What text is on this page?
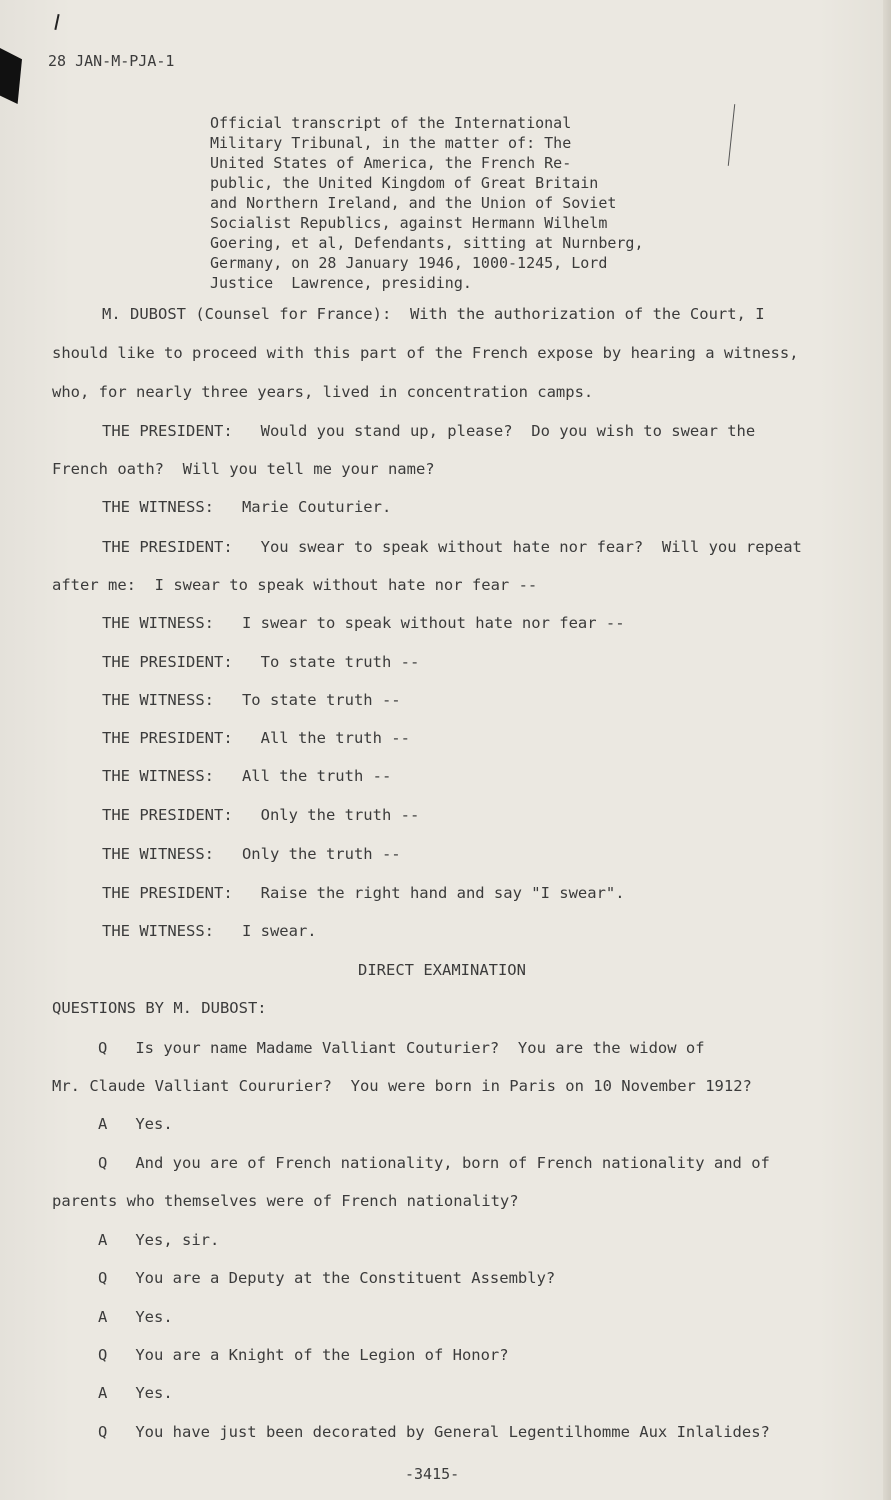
28 JAN-M-PJA-1
Official transcript of the International
Military Tribunal, in the matter of: The
United States of America, the French Re-
public, the United Kingdom of Great Britain
and Northern Ireland, and the Union of Soviet
Socialist Republics, against Hermann Wilhelm
Goering, et al, Defendants, sitting at Nurnberg,
Germany, on 28 January 1946, 1000-1245, Lord
Justice  Lawrence, presiding.
M. DUBOST (Counsel for France):  With the authorization of the Court, I
should like to proceed with this part of the French expose by hearing a witness,
who, for nearly three years, lived in concentration camps.
THE PRESIDENT:   Would you stand up, please?  Do you wish to swear the
French oath?  Will you tell me your name?
THE WITNESS:   Marie Couturier.
THE PRESIDENT:   You swear to speak without hate nor fear?  Will you repeat
after me:  I swear to speak without hate nor fear --
THE WITNESS:   I swear to speak without hate nor fear --
THE PRESIDENT:   To state truth --
THE WITNESS:   To state truth --
THE PRESIDENT:   All the truth --
THE WITNESS:   All the truth --
THE PRESIDENT:   Only the truth --
THE WITNESS:   Only the truth --
THE PRESIDENT:   Raise the right hand and say "I swear".
THE WITNESS:   I swear.
DIRECT EXAMINATION
QUESTIONS BY M. DUBOST:
Q   Is your name Madame Valliant Couturier?  You are the widow of
Mr. Claude Valliant Coururier?  You were born in Paris on 10 November 1912?
A   Yes.
Q   And you are of French nationality, born of French nationality and of
parents who themselves were of French nationality?
A   Yes, sir.
Q   You are a Deputy at the Constituent Assembly?
A   Yes.
Q   You are a Knight of the Legion of Honor?
A   Yes.
Q   You have just been decorated by General Legentilhomme Aux Inlalides?
-3415-
